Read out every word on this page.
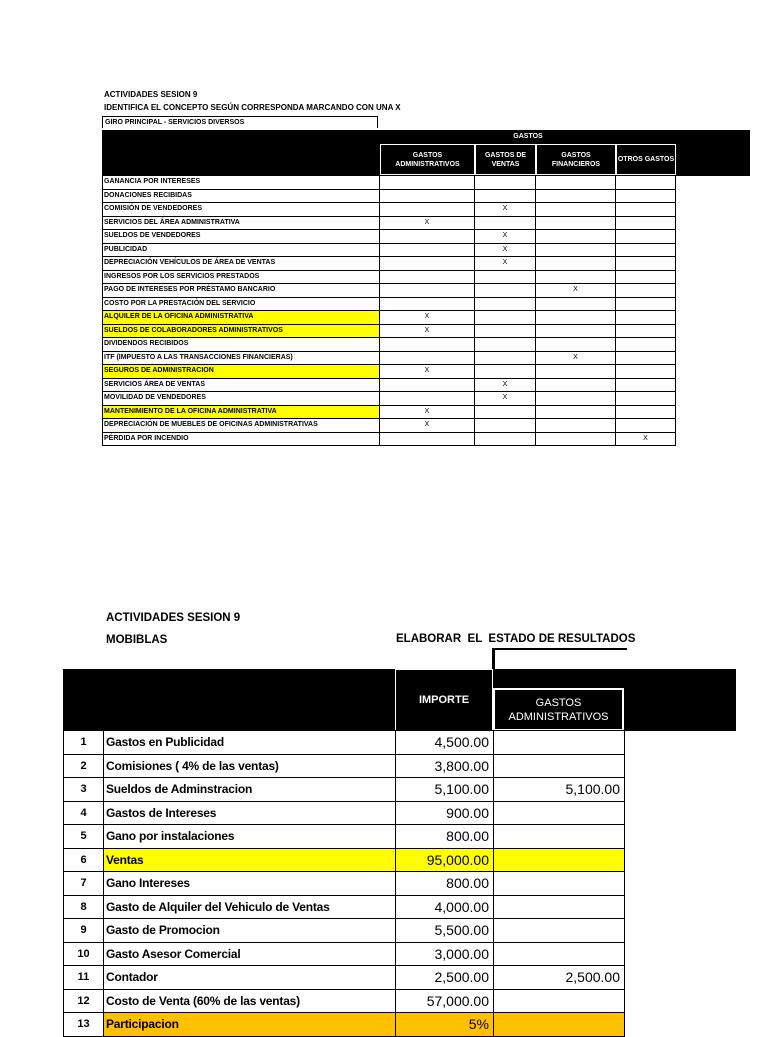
ACTIVIDADES SESION 9
IDENTIFICA EL CONCEPTO SEGÚN CORRESPONDA MARCANDO CON UNA X
GIRO PRINCIPAL - SERVICIOS DIVERSOS
GASTOS
GASTOS ADMINISTRATIVOS
GASTOS DE VENTAS
GASTOS FINANCIEROS
OTROS GASTOS
GANANCIA POR INTERESES				
DONACIONES RECIBIDAS				
COMISIÓN DE VENDEDORES		X		
SERVICIOS DEL ÁREA ADMINISTRATIVA	X			
SUELDOS DE VENDEDORES		X		
PUBLICIDAD		X		
DEPRECIACIÓN VEHÍCULOS DE ÁREA DE VENTAS		X		
INGRESOS POR LOS SERVICIOS PRESTADOS				
PAGO DE INTERESES POR PRÉSTAMO BANCARIO			X	
COSTO POR LA PRESTACIÓN DEL SERVICIO				
ALQUILER DE LA OFICINA ADMINISTRATIVA	X			
SUELDOS DE COLABORADORES ADMINISTRATIVOS	X			
DIVIDENDOS RECIBIDOS				
ITF (IMPUESTO A LAS TRANSACCIONES FINANCIERAS)			X	
SEGUROS DE ADMINISTRACION	X			
SERVICIOS ÁREA DE VENTAS		X		
MOVILIDAD DE VENDEDORES		X		
MANTENIMIENTO DE LA OFICINA ADMINISTRATIVA	X			
DEPRECIACIÓN DE MUEBLES DE OFICINAS ADMINISTRATIVAS	X			
PÉRDIDA POR INCENDIO				X
ACTIVIDADES SESION 9
MOBIBLAS	ELABORAR  EL  ESTADO DE RESULTADOS
IMPORTE	GASTOS ADMINISTRATIVOS
1	Gastos en Publicidad	4,500.00	
2	Comisiones ( 4% de las ventas)	3,800.00	
3	Sueldos de Adminstracion	5,100.00	5,100.00
4	Gastos de Intereses	900.00	
5	Gano por instalaciones	800.00	
6	Ventas	95,000.00	
7	Gano Intereses	800.00	
8	Gasto de Alquiler del Vehiculo de Ventas	4,000.00	
9	Gasto de Promocion	5,500.00	
10	Gasto Asesor Comercial	3,000.00	
11	Contador	2,500.00	2,500.00
12	Costo de Venta (60% de las ventas)	57,000.00	
13	Participacion	5%	
